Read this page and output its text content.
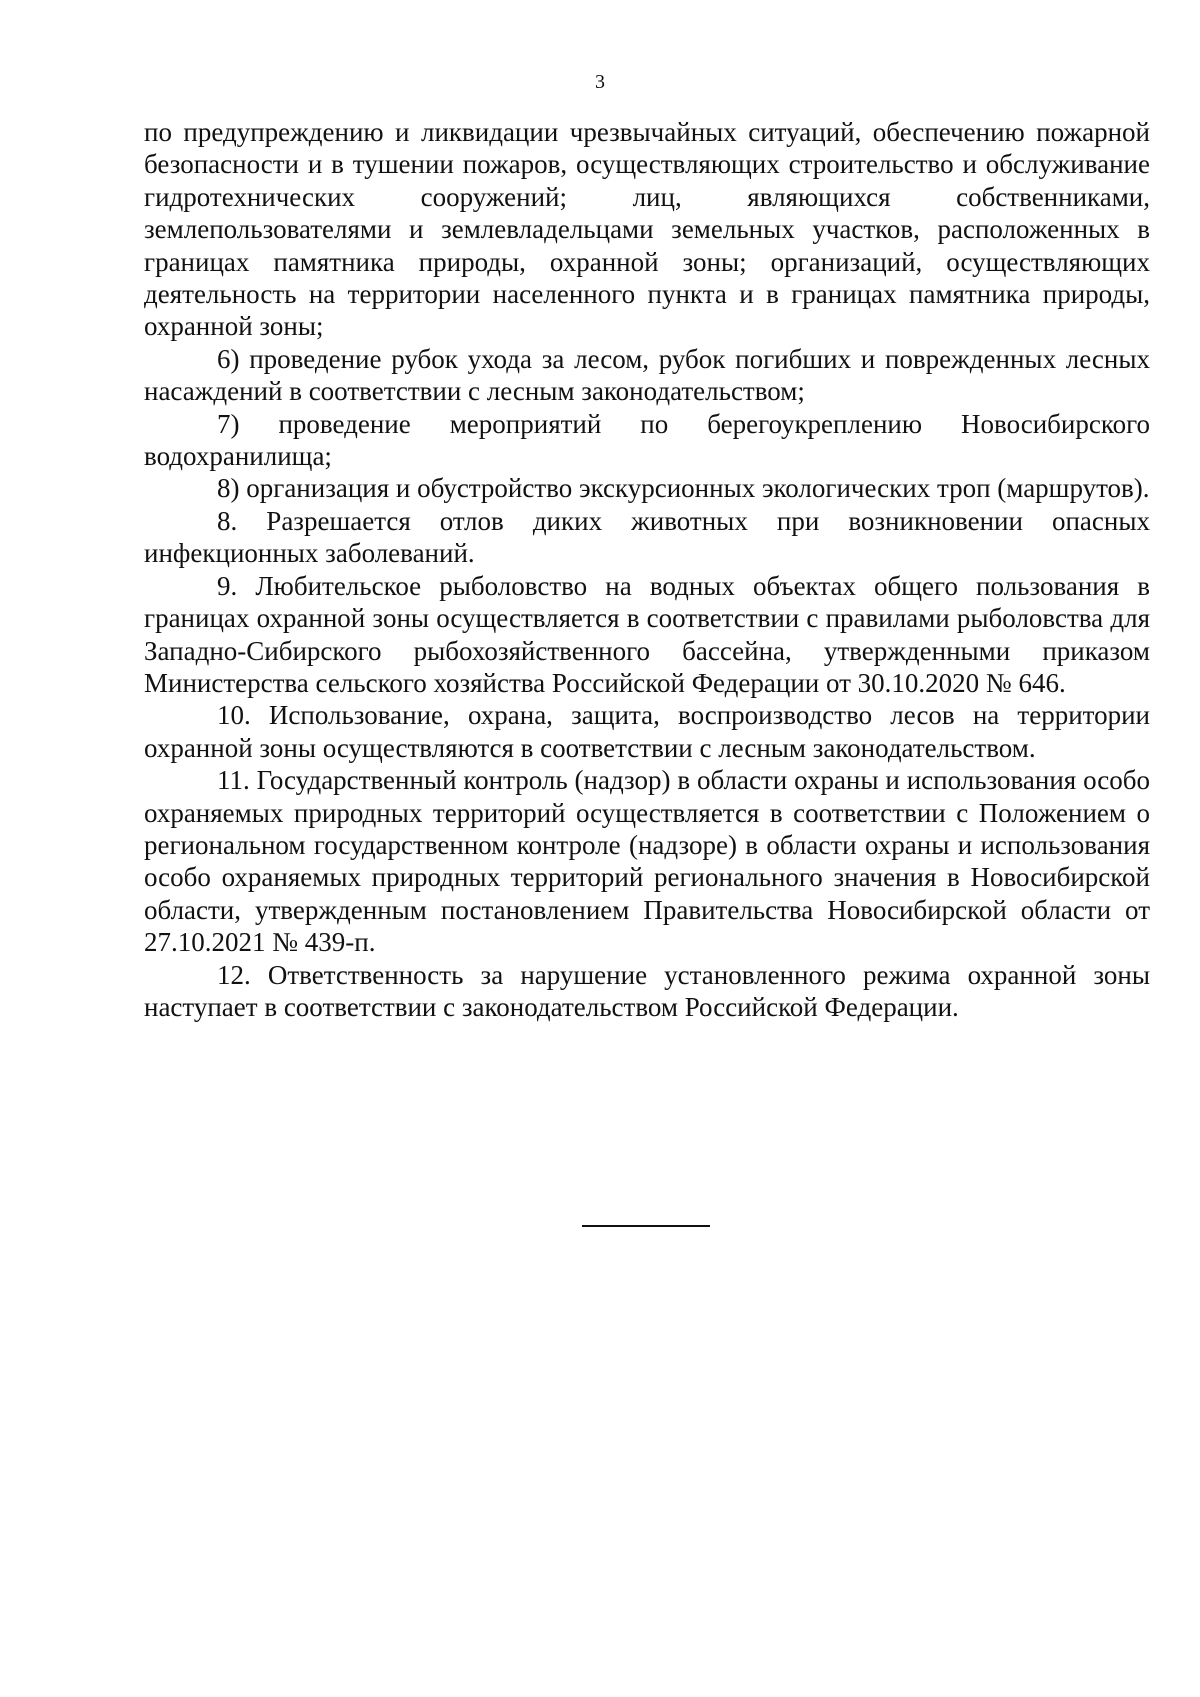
3

по предупреждению и ликвидации чрезвычайных ситуаций, обеспечению пожарной безопасности и в тушении пожаров, осуществляющих строительство и обслуживание гидротехнических сооружений; лиц, являющихся собственниками, землепользователями и землевладельцами земельных участков, расположенных в границах памятника природы, охранной зоны; организаций, осуществляющих деятельность на территории населенного пункта и в границах памятника природы, охранной зоны;

6) проведение рубок ухода за лесом, рубок погибших и поврежденных лесных насаждений в соответствии с лесным законодательством;

7) проведение мероприятий по берегоукреплению Новосибирского водохранилища;

8) организация и обустройство экскурсионных экологических троп (маршрутов).

8. Разрешается отлов диких животных при возникновении опасных инфекционных заболеваний.

9. Любительское рыболовство на водных объектах общего пользования в границах охранной зоны осуществляется в соответствии с правилами рыболовства для Западно-Сибирского рыбохозяйственного бассейна, утвержденными приказом Министерства сельского хозяйства Российской Федерации от 30.10.2020 № 646.

10. Использование, охрана, защита, воспроизводство лесов на территории охранной зоны осуществляются в соответствии с лесным законодательством.

11. Государственный контроль (надзор) в области охраны и использования особо охраняемых природных территорий осуществляется в соответствии с Положением о региональном государственном контроле (надзоре) в области охраны и использования особо охраняемых природных территорий регионального значения в Новосибирской области, утвержденным постановлением Правительства Новосибирской области от 27.10.2021 № 439-п.

12. Ответственность за нарушение установленного режима охранной зоны наступает в соответствии с законодательством Российской Федерации.
